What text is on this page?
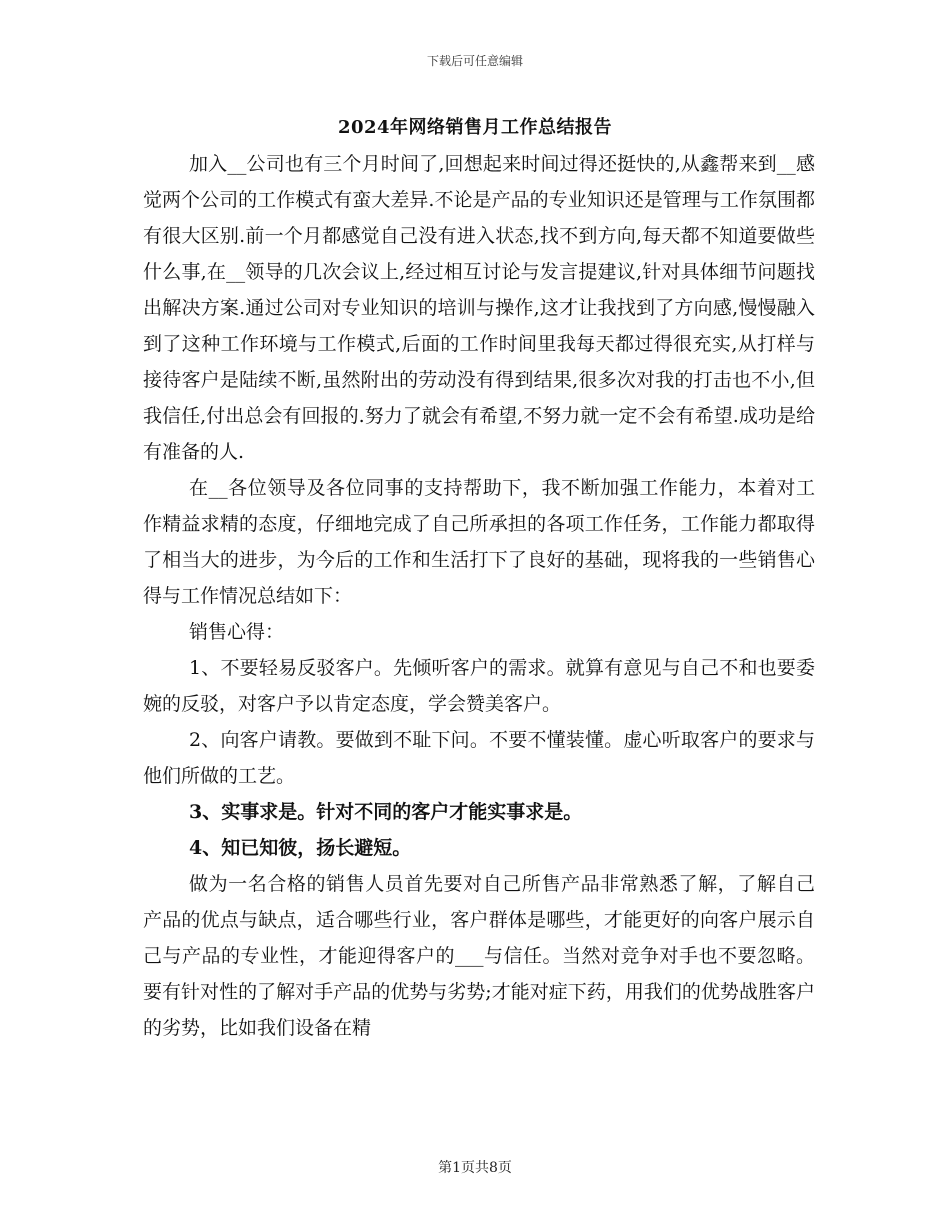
下载后可任意编辑
2024年网络销售月工作总结报告

加入__公司也有三个月时间了,回想起来时间过得还挺快的,从鑫帮来到__感觉两个公司的工作模式有蛮大差异.不论是产品的专业知识还是管理与工作氛围都有很大区别.前一个月都感觉自己没有进入状态,找不到方向,每天都不知道要做些什么事,在__领导的几次会议上,经过相互讨论与发言提建议,针对具体细节问题找出解决方案.通过公司对专业知识的培训与操作,这才让我找到了方向感,慢慢融入到了这种工作环境与工作模式,后面的工作时间里我每天都过得很充实,从打样与接待客户是陆续不断,虽然附出的劳动没有得到结果,很多次对我的打击也不小,但我信任,付出总会有回报的.努力了就会有希望,不努力就一定不会有希望.成功是给有准备的人.

在__各位领导及各位同事的支持帮助下，我不断加强工作能力，本着对工作精益求精的态度，仔细地完成了自己所承担的各项工作任务，工作能力都取得了相当大的进步，为今后的工作和生活打下了良好的基础，现将我的一些销售心得与工作情况总结如下：

销售心得：

1、不要轻易反驳客户。先倾听客户的需求。就算有意见与自己不和也要委婉的反驳，对客户予以肯定态度，学会赞美客户。

2、向客户请教。要做到不耻下问。不要不懂装懂。虚心听取客户的要求与他们所做的工艺。

3、实事求是。针对不同的客户才能实事求是。

4、知已知彼，扬长避短。

做为一名合格的销售人员首先要对自己所售产品非常熟悉了解，了解自己产品的优点与缺点，适合哪些行业，客户群体是哪些，才能更好的向客户展示自己与产品的专业性，才能迎得客户的___与信任。当然对竞争对手也不要忽略。要有针对性的了解对手产品的优势与劣势;才能对症下药，用我们的优势战胜客户的劣势，比如我们设备在精

第1页共8页
